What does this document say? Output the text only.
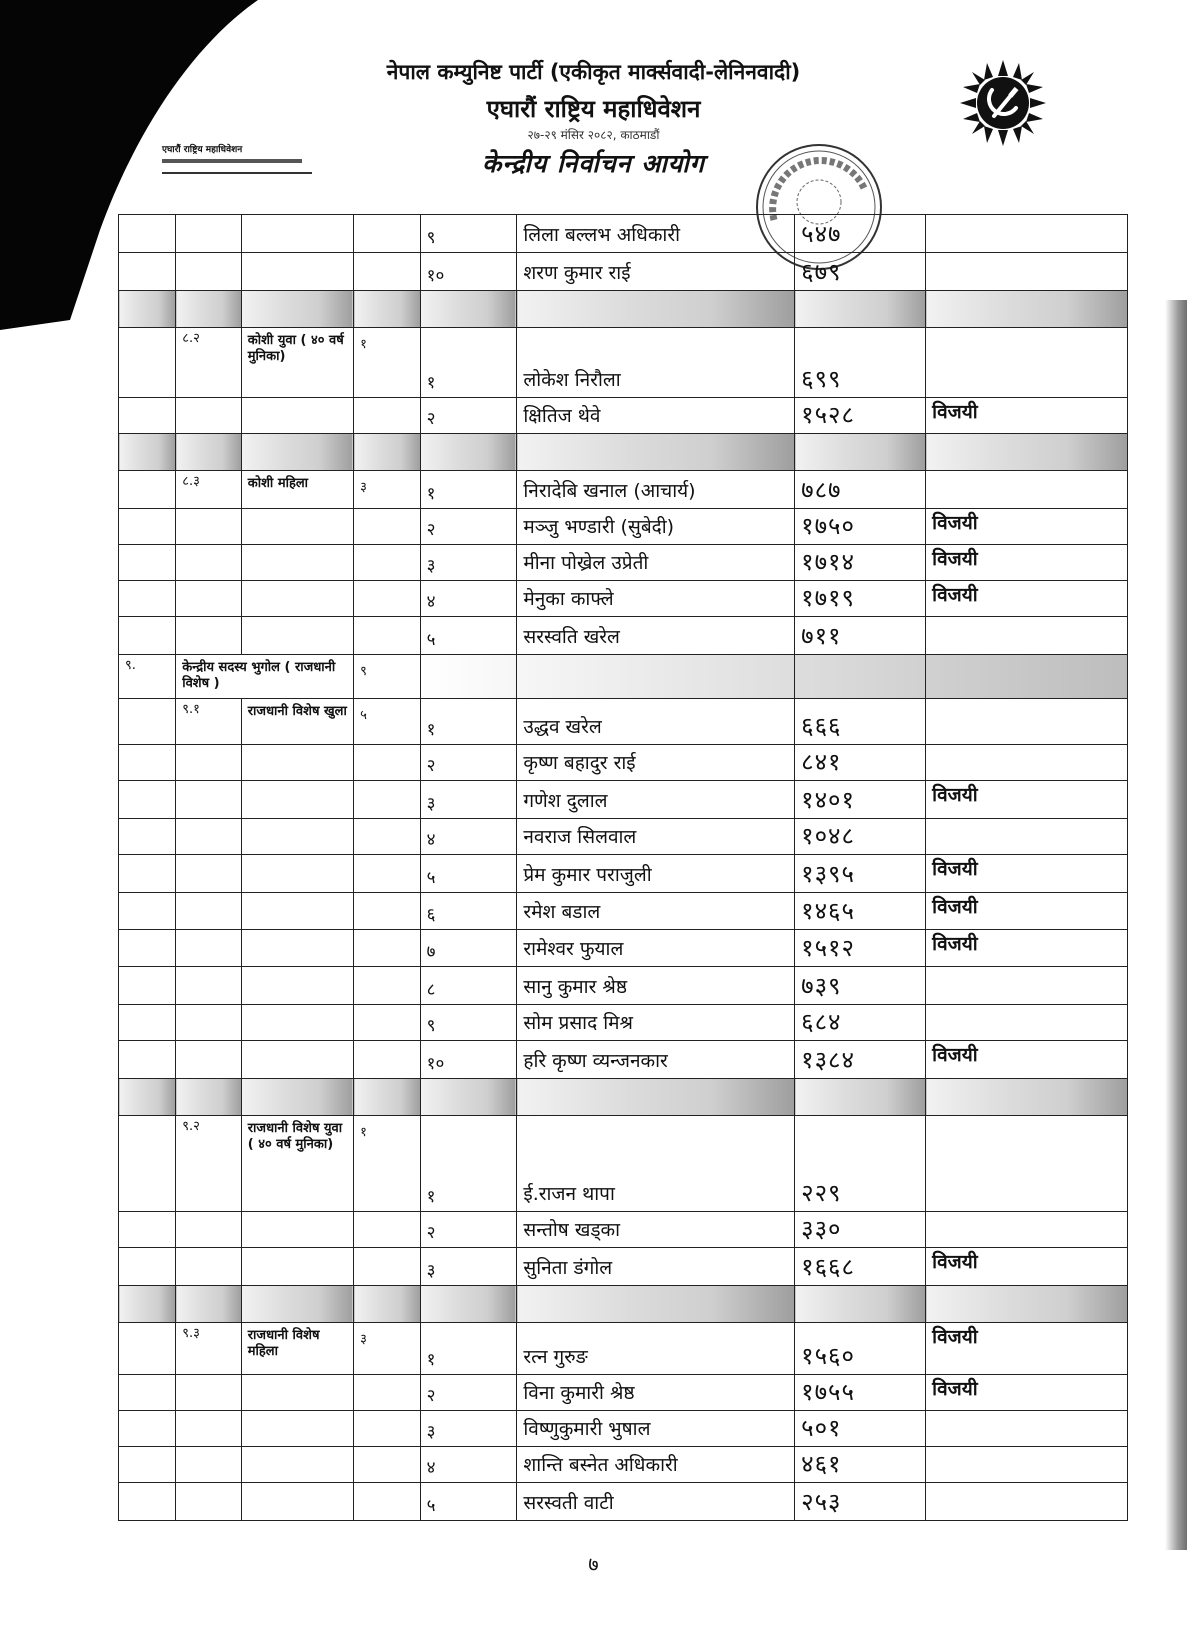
एघारौं राष्ट्रिय महाधिवेशन
नेपाल कम्युनिष्ट पार्टी (एकीकृत मार्क्सवादी-लेनिनवादी)
एघारौं राष्ट्रिय महाधिवेशन
२७-२९ मंसिर २०८२, काठमाडौं
केन्द्रीय निर्वाचन आयोग
				९	लिला बल्लभ अधिकारी	५४७	
				१०	शरण कुमार राई	६७९	

	८.२	कोशी युवा ( ४० वर्ष मुनिका)	१	१	लोकेश निरौला	६९९	
				२	क्षितिज थेवे	१५२८	विजयी

	८.३	कोशी महिला	३	१	निरादेबि खनाल (आचार्य)	७८७	
				२	मञ्जु भण्डारी (सुबेदी)	१७५०	विजयी
				३	मीना पोख्रेल उप्रेती	१७१४	विजयी
				४	मेनुका काफ्ले	१७१९	विजयी
				५	सरस्वति खरेल	७११	
९.	केन्द्रीय सदस्य भुगोल ( राजधानी विशेष )		९				
	९.१	राजधानी विशेष खुला	५	१	उद्धव खरेल	६६६	
				२	कृष्ण बहादुर राई	८४१	
				३	गणेश दुलाल	१४०१	विजयी
				४	नवराज सिलवाल	१०४८	
				५	प्रेम कुमार पराजुली	१३९५	विजयी
				६	रमेश बडाल	१४६५	विजयी
				७	रामेश्वर फुयाल	१५१२	विजयी
				८	सानु कुमार श्रेष्ठ	७३९	
				९	सोम प्रसाद मिश्र	६८४	
				१०	हरि कृष्ण व्यन्जनकार	१३८४	विजयी

	९.२	राजधानी विशेष युवा ( ४० वर्ष मुनिका)	१	१	ई.राजन थापा	२२९	
				२	सन्तोष खड्का	३३०	
				३	सुनिता डंगोल	१६६८	विजयी

	९.३	राजधानी विशेष महिला	३	१	रत्न गुरुङ	१५६०	विजयी
				२	विना कुमारी श्रेष्ठ	१७५५	विजयी
				३	विष्णुकुमारी भुषाल	५०१	
				४	शान्ति बस्नेत अधिकारी	४६१	
				५	सरस्वती वाटी	२५३	
७
